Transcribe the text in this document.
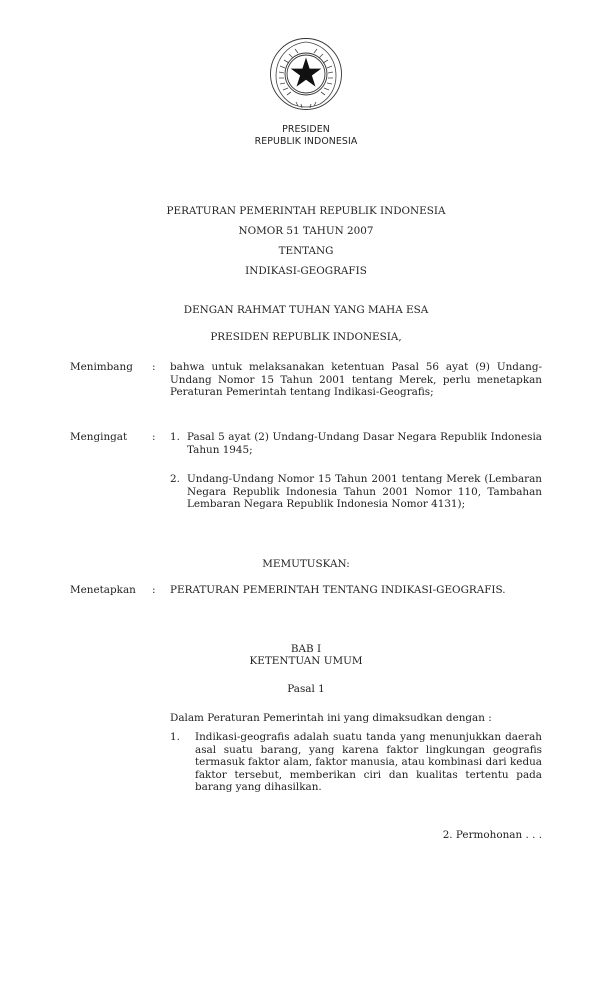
PRESIDEN
REPUBLIK INDONESIA
PERATURAN PEMERINTAH REPUBLIK INDONESIA
NOMOR 51 TAHUN 2007
TENTANG
INDIKASI-GEOGRAFIS
DENGAN RAHMAT TUHAN YANG MAHA ESA
PRESIDEN REPUBLIK INDONESIA,
Menimbang : bahwa untuk melaksanakan ketentuan Pasal 56 ayat (9) Undang-Undang Nomor 15 Tahun 2001 tentang Merek, perlu menetapkan Peraturan Pemerintah tentang Indikasi-Geografis;
Mengingat : 1. Pasal 5 ayat (2) Undang-Undang Dasar Negara Republik Indonesia Tahun 1945;
2. Undang-Undang Nomor 15 Tahun 2001 tentang Merek (Lembaran Negara Republik Indonesia Tahun 2001 Nomor 110, Tambahan Lembaran Negara Republik Indonesia Nomor 4131);
MEMUTUSKAN:
Menetapkan : PERATURAN PEMERINTAH TENTANG INDIKASI-GEOGRAFIS.
BAB I
KETENTUAN UMUM
Pasal 1
Dalam Peraturan Pemerintah ini yang dimaksudkan dengan :
1. Indikasi-geografis adalah suatu tanda yang menunjukkan daerah asal suatu barang, yang karena faktor lingkungan geografis termasuk faktor alam, faktor manusia, atau kombinasi dari kedua faktor tersebut, memberikan ciri dan kualitas tertentu pada barang yang dihasilkan.
2. Permohonan . . .
